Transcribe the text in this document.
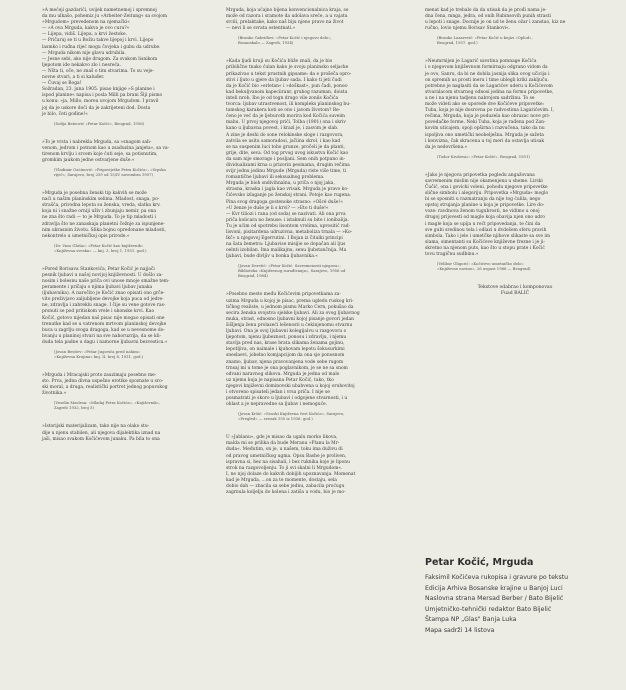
»A mećeji gazdarići, uvijek nametnemoj i spremnoj
da mu ulkašo, pohemiz ju »Arbeiter-Zeitung« sa svojom
»Mrgudom« prevedenom na njemački«
— »A ova Mrguda, kakva je ovo cura?«
— Lijepa, vidiš. Lijepa, a krvi žestoke.
— Pričaruj se ti u Božiu takve lijepoj i krvi. Lijepo
lasmko i ruđna rijeć mogu čovjeka i gubu da udrube.
— Mrguda nikom nije glavu udrubila.
— Jesne sebi, ako nije drugom. Za svakom lisnikom
ljepotom ide nekakvo zlo i nesreća.
— Nšta ti, oče, ne znaš o tim stvarima. To su veje-
novne stvari, a ti si kaluđer.
— Čuvaj se Boga!
Sožradan, 23. juna 1905. pisao knjige »S planine i
ispod planine« napisa i posla Milli pa brani Šlji pismo
u konu: »ja, Millo, moreu uvojom Mrgudom. I pravil
joj da je uskore doći da je zakrijeteni dod. Dosta
je bilo, četi gođine!«
(Sofija Bateović »Petar Kočić«, Beograd, 1956)
»To je vrsta i nabrekla Mrguda, sa »snagom sali-
venom, jedrom i potnom kao u zsaduzina janjeta«, sa va-
tirenom krvlju i srcem koje ćuti seje, sa potisnutim,
gromkim jaukom jedne ostvarjene duše.«
(Vladimir Gaćinović: »Pripovijetke Petra Kočića«, »Srpska
riječ«, Sarajevo, broj 259 od 15/IV novembra 1907)
»Mrguda je posebna ženski tip kakvih se može
naći u našim planinskim selima. Mladost, snaga, po-
strašća, prirodna lepota su ženska, vreda, slatka krv.
koja ni i snažne orniji uživ i zbunjaju nemir, pa ona
ne zna što radi — to je Mrguda. To je tip mladosti i
zdravlja što ne zanaskaja planetni čežnje za ispunjene-
nim ukrasnim životu. Slika bojnu opredonane mladosti,
nekontrelo u umetničkoj opis prirode.«
(Dr. Vaso Glušac: »Petar Kočić kao književnik«
»Književna sveska« — knj. 3, broj 1, 1931. god.)
»Pored Borisava Stankovića, Petar Kočić je najjači
pesnik ljubavi u našoj novijoj književnosti. U došlo za-
nosim i bolesnu naše priča ovi unose mnoje smažne tem-
peramente i pričaju o njima ljubavi ljubav junaka
(ljubavnika). A naročito je Kočić znao opisati ono grče-
vito preživjavo zaljubljene devojke koja puca od jedre-
ne, zdravlja i zabreklu snage. I čije su vene gotove ras-
prsnuti se pod pritiskom vrele i ukonske krvi. Kao
Kočić, gotovo nijedan naš pisac nije mogao opisati one
trenutke kad se u vatrenom mrtvom planinskoj devojke
buca u zagrlju svoga dragoga, kad se u nevesnome do-
hvanju u planinoj stvari na sve nahoruzrija, da se kli-
duda tela padne u dagu i namorne ljubavni bezvestica.«
(Jovan Besitev: »Pešar Jugovića pred nahim«
»Književna Krajina« knj. II, broj 8, 1931. god.)
»Mrguda i Mracajski proto zauzimaju posebno me-
sto. Prva, jedna divna uspešno erotike spoznate u sro-
ski moral, a druga, realistički portret jednog popuvskog
životnika.«
(Veselin Maslesa: »Mladaj Petra Kočića«, »Književnik«,
Zagreb 1932, broj 5)
»Istorijski materijalizam, tako nije na olako stu-
dije u njenu stabilen, ali njegova dijalektika iznad na
jaši, misao svakom Kočićevom junaku. Pa bila to ona
Mrguda, koja ućajno bijena konvencionalnica kraja, se
može od razora i sramote da udolava sreće, a u vajatu
srcili, prelaktake, kako naš biju njeno pravo na život
— nevi li se svrata ostentnati.«
(Branko Gabriđovi: »Petar Kočić i njegovo delo«,
Bosanskalo — Zagreb, 1934)
»Kada ljudi kruji su Kočića bliže znali, da je bio
pribilično tnako ćulan kako je svoju planinsko seljacke
prikazivao u tekst prustnih gipsame: da e prošeča opro-
stivi i ljuto u gjere da ljubav sada. I kako ti jeti čudi
da je Kočić bio »erletan« i »doškast«, pun čadi, ponos-
kad bekuljvanom kapeciiranr, grubog razuman, doista
inteli nrob. Ibo je od togn drugo vile zonils Kočića
tvorca: ljubav utrastvenost, ili kompleks planinskog bu-
tamskog karakera koti se ono i javom životom? Re-
ćeno je već da je ljeburoth morira kod Kočića suveim
mahu. U prvoj njegovoj prići, Tolba (1901) ona i skriv
kano u ljubavna povest, i krazl je, i zasvim je slab.
A zine je deshi do sone relokinske sloge i razgovora,
zatvila se usitu samoradosi, jačiina skrol, i kao kad
se na suspenim luci toho grunze, pročeli je da planti,
grije, dite, seva. Od tog prvog uvog iskustva Kočić kao
da sam nije smorago i posljani. Sem onih potpuno in-
dividualizami krna u prizorin pesmama, drugim rečima
svijr jednu jedinu Mrgude (Mrguda) riste više time, ti
romantične ljubavi ili seksualnog problema.
Mrguda je bioh sndivihnalna, u priča o njoj jaka,
strasna, kraska i jagla kao vrisak. Mrguda je pravo ko-
čićevsko izlaganje po ženskoj strani. Potoje kao rugena.
Pina svog dragoga gostenoke strasno: »Ošcé duše!«
»U ženze je duše je li s krvi? — »Eto ti duše!«
— Kvr tiliozi i rana (od soda) se nazivati. Ali ona prva
priča kolicara no ženuse: i istaknuli su bite i ionibalija.
Tu je ućim od spotrebu lisontom vrolima, uprositić rad-
lisvoni, pisitardena udruzivna, metaboliza trnala — »Ko-
lkč« u njegovoj Egerrutini. I Bojan iz čitulki principi
na šata žemetra: Ljubavise misijie se dopačan ali ljus
oelnti izobilan. Ima malikajnu, senu ljubstančnija. Ma
ljubavi, bude divljiv u bonka ljubavnika.«
(Jovan Deretić: »Petar Kočić. Savremenosti njegova»,
Biblioteka »Književnog surađivanja«, Sarajevo, 1956 od
Beograd, 1964)
»Posebno mesto među Kočićevim pripovetkama za-
uzima Mrguda u kojoj je pisac, prema ugledu ruskog kri-
tičkog realiste, u jednom pismu Marko Cern, pokušao da
secira ženska svojstva sjelske ljubavi. Ali za ovog ljubavnog
muka, strast, odnosno ljubavni kojoj pisanje govori jedan
šišljenja ženu prolazeći lešenosti u ćekinjenomu stvarnu
ljubavi. Ona je svoj ljubavni kolegijalvu u razgovoru o
ljepotom, njenu ljubeznost, ponosu i zdravlju, i njemu
stavlja pred nas, krase brata slikama ženama gojinu,
lepotljiva, on naimale i kjuhovam lepotu šokusurkimi
sneslaevi, jobelno komjapcijom da ona sje ponosnom
znamo, ljubav, njena pravovanjena vode sebe rugom
trnsaj mi u tome je ona poglavnikom, je se ne sa snom
odvani naravnog slikova. Mrguda je jedna od malo
uz njemu koja je napisana Petar Kočić, tako, tko
njegovi književni dominovski ubahvena u kojoj oruhovitoj
i otvoreno spisateli jedan i vrsa priča. I nije se
posmatrati je skoro u ljubavi i odgojene stvarnosti, i u
oblast a je nepravedne sa ljubav i nemoguće.
(Jovan Kršić: »Seoski Književna čest Kočića«, Sarajevo,
»Pregled« — svezak 155 iz 1936. god.)
U »Jablanu«, gde je misao da ugalu morko likova,
malda mi se prilika da bude Meranu »Planu la Mr-
duda«. Međutim, on je, u našem, toku ima duživu di
od pravog umetničkog ugma. Opsu Bashe je proliven,
ispravna si, bez na sisahali, i bez ruknika koje je liponu
strok na razgovoljenju. To ji svi skalni li Mrgudom«.
I, ne njoj dolaze do kakvih dobijih upoznavanja. Momenat
kad je Mrguda, ...on za te momente, dostaju, sela
dobio dah — zbacila sa sebe jednu, zabacila proćugu
zagrnula koljelju do kolena i zatiša u vodu, bio je mo-
menat kad je trebalo da da utisak da je prođi nama je-
dna čena, mnga, jedra, od onih Rubinsovih punih strasti
u lepoti i snage. Docnije je on ud te ženu ožar i zanstao, kiz ne
ručno, lovio njemu Borisav Stankovi«.
(Branko Lazarević: »Petar Kočić u knjizi »Oplod«,
Beograd, 1937. god.)
»Neumrnijen je Lagarić savstina pomnage Kočića
i o njegovom književnom formirnaju odgrano vidom da
je ovo, Sanru, da bi ne dobila jasnija slika ovog učicija i
on spremih us prosti meru i time ublegli kriki zaključu.
potrebno je naglasiti da se Lagarićev uderu u Kočićevom
stvaralacom stvarnog odnosi jedina na formu pripovetke,
a ne i na njenu tadjenu nabrojom sadržinu. To se
može videti ako se uporede dve Kočićeve pripovetke:
Tuba, koja je nije dosrovna po radvostima Lagarićevim. I,
rečima, Mrguda, koja je poduzela kao obrazac nove pri-
povedačke forme. Neki Tuba, koja je rađena pod Zan-
kovim uticajem, spoji opširna i razvučena, tako da nu
ispoljiva ono umetički neobelješna. Mrguda je sažeta
i konvizna, čak skracena u toj meri da ostavlja utisak
da je nedovršena.«
(Todor Kruševac: »Petar Kočić«, Beograd, 1951)
»Jako je njegova pripovetka pogledu angažovana
savremenim mislim nije okamenjena u sheme. Lirski
Čučić, ona i govicki voleni, pohodu njegove pripovetke
slične simbolu i alegoriju. Pripovetka »Mrguda« moglo
bi se sposniti u razmatranju da nije tog ćulila, nego
opstoj strujanja planine u koja je pripovetke. Lire do-
voze: ravdnova ženom tugubrosti, ne vidimo u onoj
drugoj prijovesti od magle koja obavija njen ono udro
i magle koja se upija u rećt pripovedanja, te čini da
sve gubi sredinou tela i odlazi u dvdešem sferu pravih
simbola. Tako i jele i umetčke njihove slikaste sa sve im
slama, simentanti su Kočićeve književne frezne i je ji-
skretno na njenom puts, kao što u stopu prate i Kočić
tovu tragičnu sudbinu.«
(Velibor Gligorić: »Kočićevo umetničko delo«
»Književne novine«, 26 avgust 1966 — Beograd)
Tekstove odabrao i komponovao
Fuad BALIĆ
Petar Kočić, Mrguda
Faksimil Kočićeva rukopisa i gravure po tekstu
Edicija Arhiva Bosanske krajine u Banjoj Luci
Naslovna strana Mersad Berber / Bato Bijelić
Umjetničko-tehnički redaktor Bato Bijelić
Štampa NP „Glas" Banja Luka
Mapa sadrži 14 listova
